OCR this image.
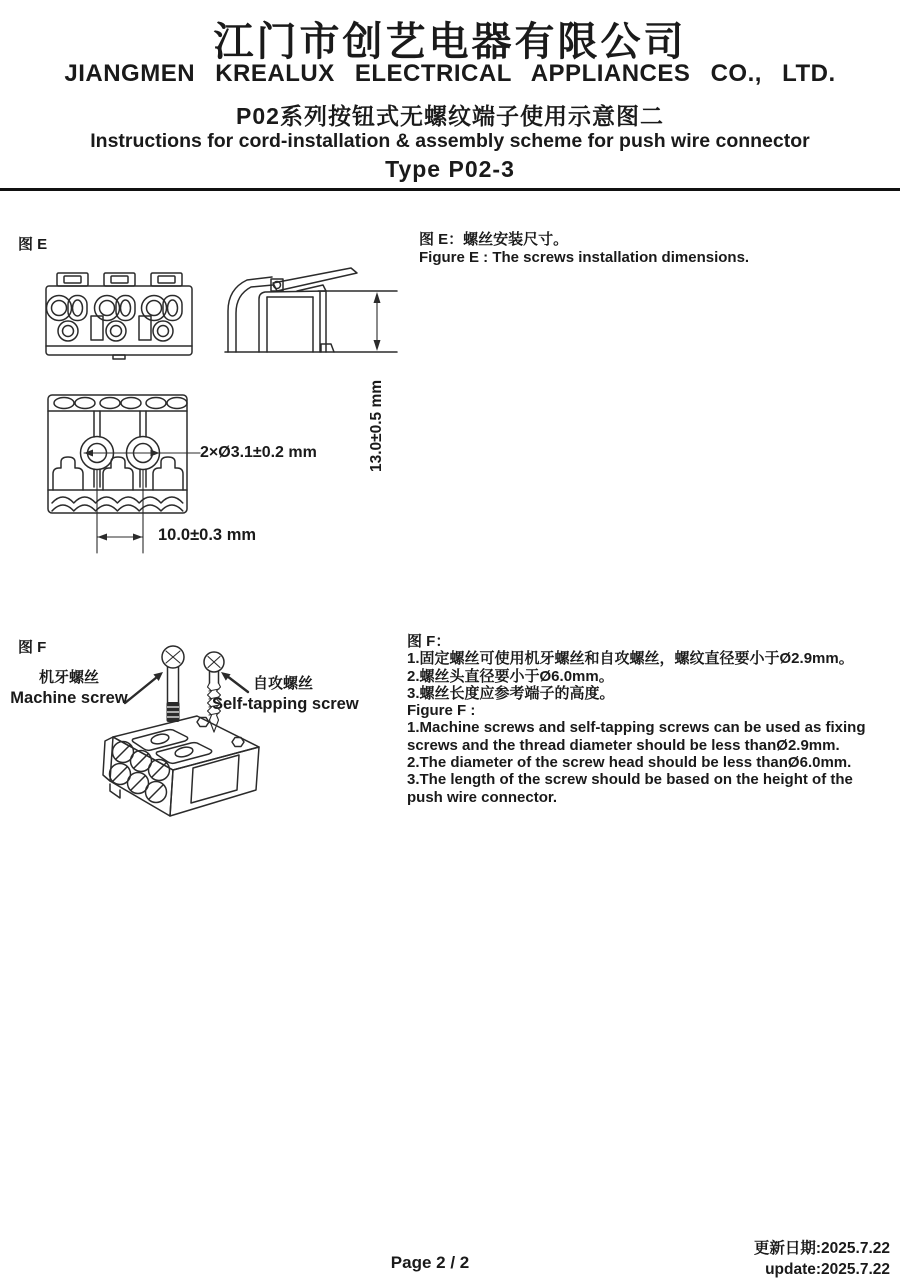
江门市创艺电器有限公司
JIANGMEN KREALUX ELECTRICAL APPLIANCES CO., LTD.
P02系列按钮式无螺纹端子使用示意图二
Instructions for cord-installation & assembly scheme for push wire connector
Type P02-3
图 E	图 E：螺丝安装尺寸。
Figure E : The screws installation dimensions.
13.0±0.5 mm
2×Ø3.1±0.2 mm
10.0±0.3 mm
图 F
机牙螺丝
Machine screw
自攻螺丝
Self-tapping screw
图 F：
1.固定螺丝可使用机牙螺丝和自攻螺丝，螺纹直径要小于Ø2.9mm。
2.螺丝头直径要小于Ø6.0mm。
3.螺丝长度应参考端子的高度。
Figure F :
1.Machine screws and self-tapping screws can be used as fixing
screws and the thread diameter should be less thanØ2.9mm.
2.The diameter of the screw head should be less thanØ6.0mm.
3.The length of the screw should be based on the height of the
push wire connector.
Page 2 / 2
更新日期:2025.7.22
update:2025.7.22
